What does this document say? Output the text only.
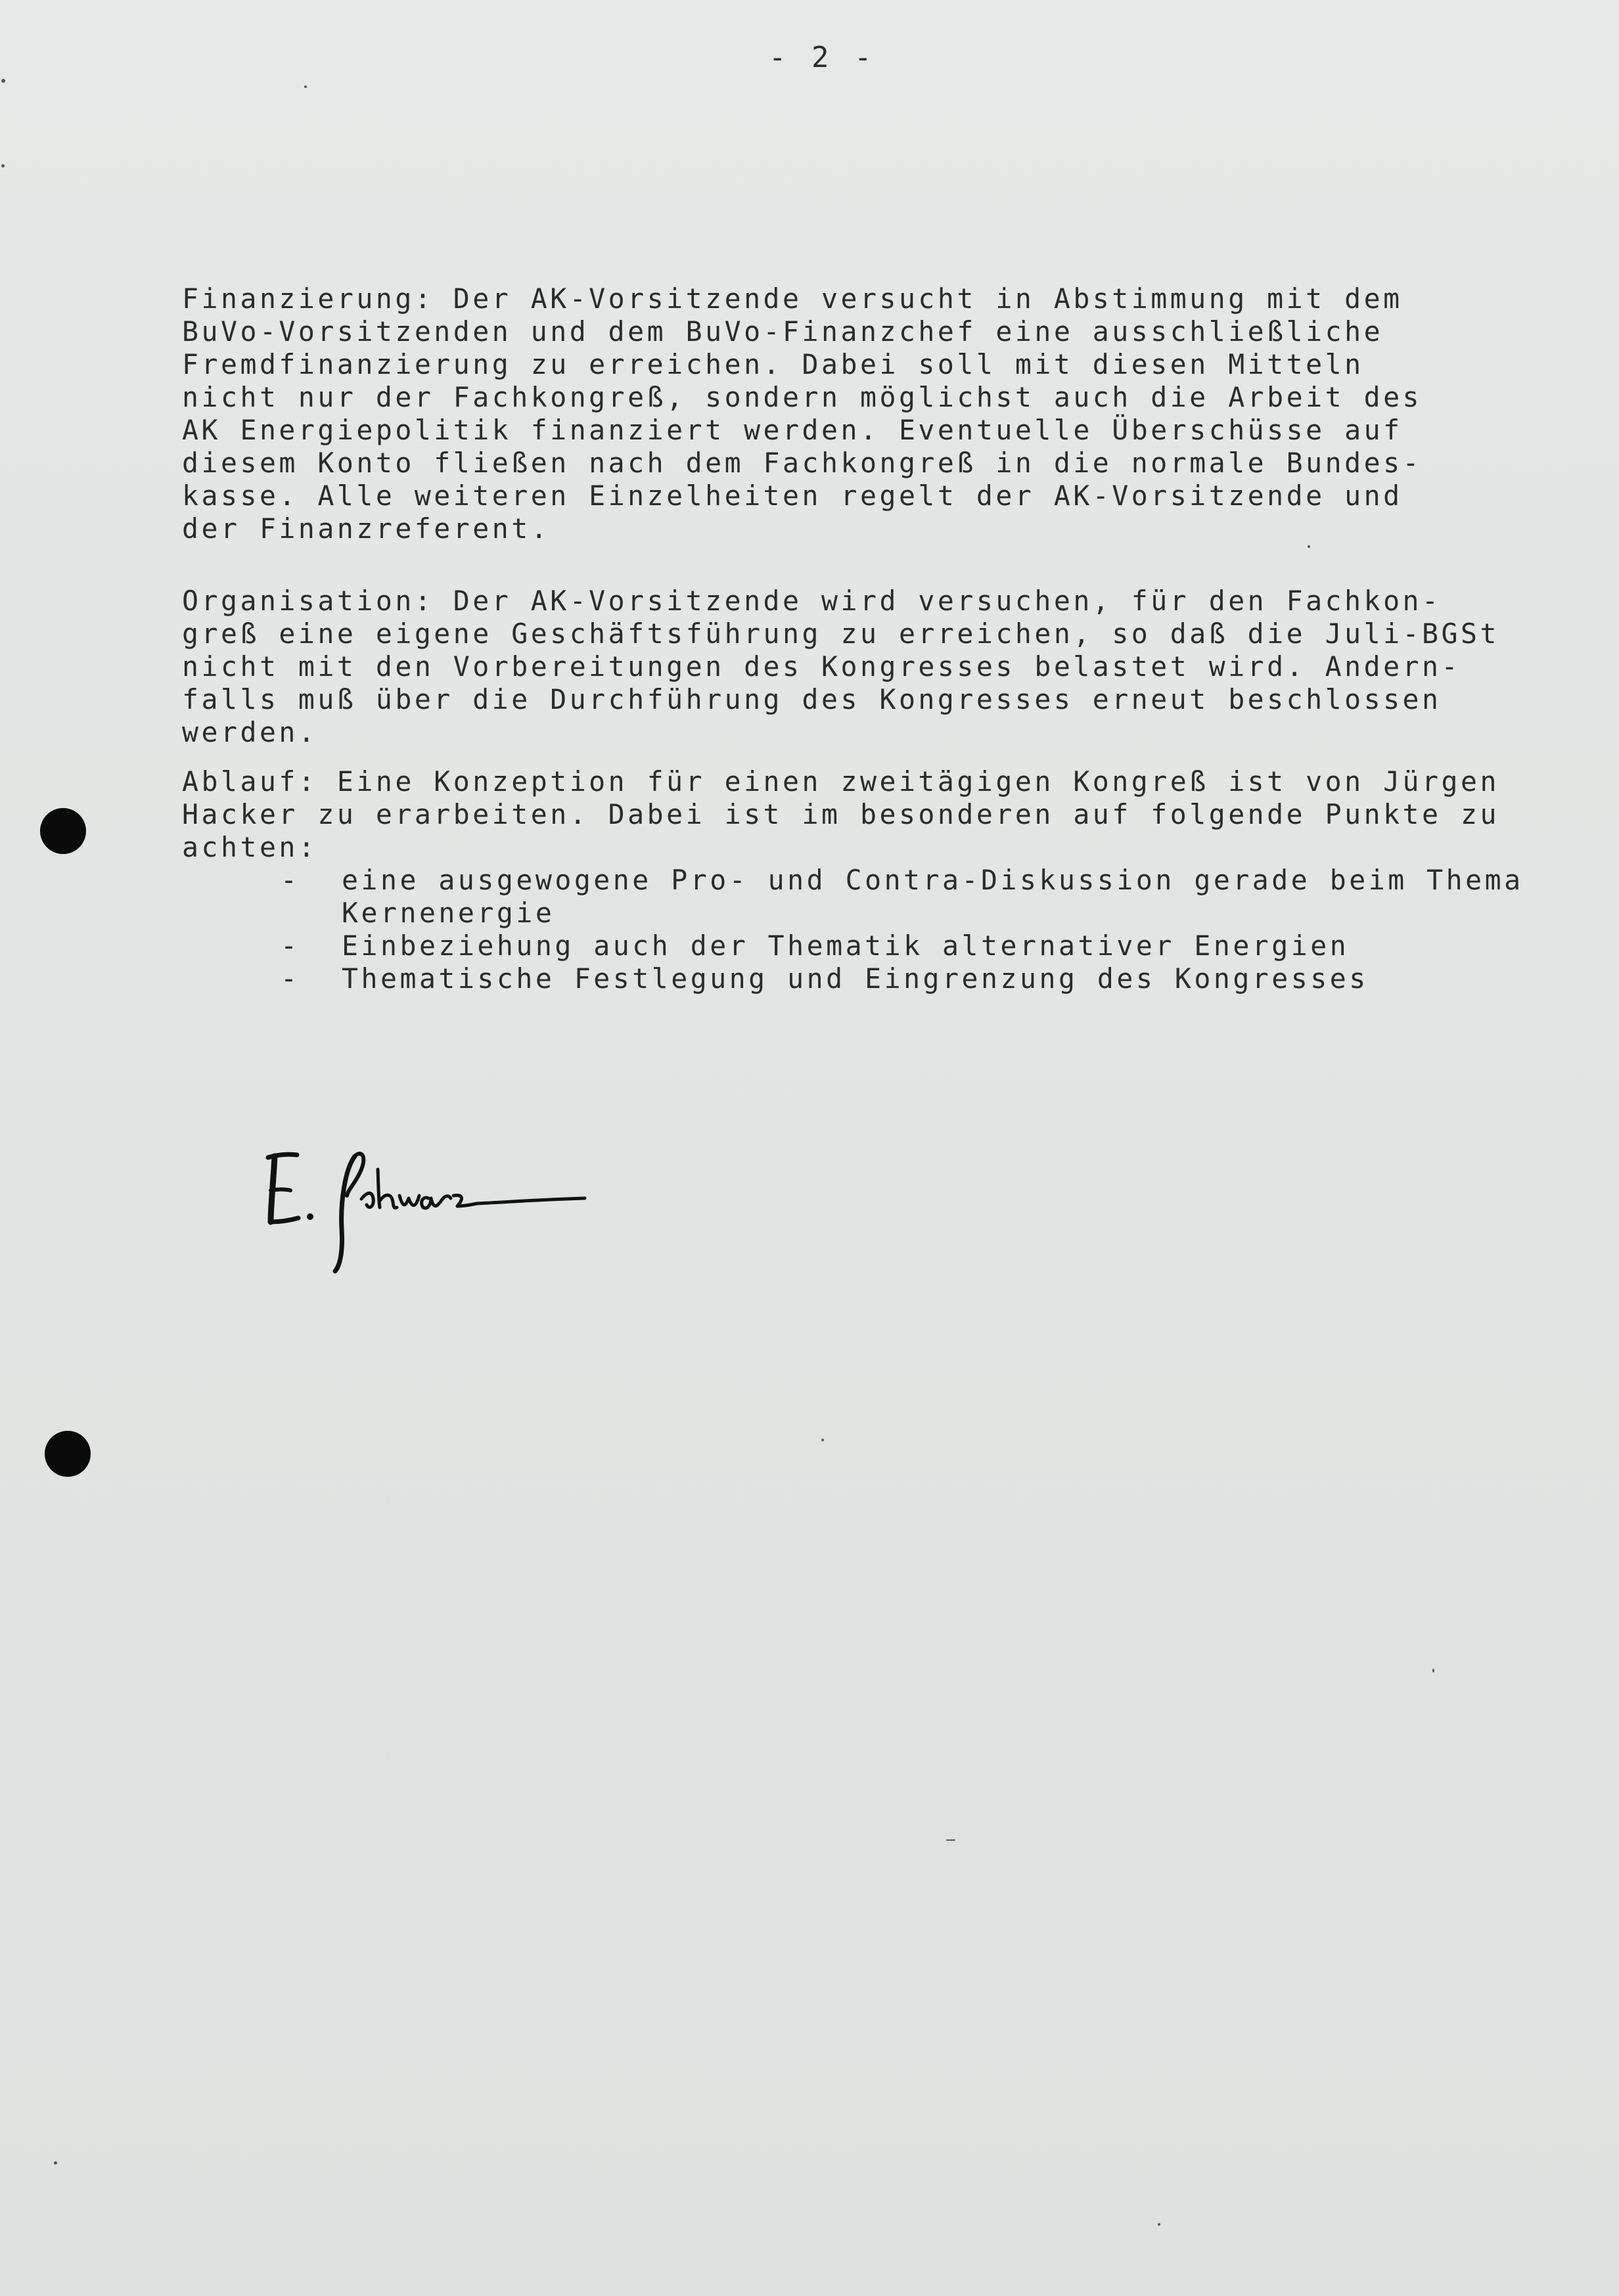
- 2 -
Finanzierung: Der AK-Vorsitzende versucht in Abstimmung mit dem
BuVo-Vorsitzenden und dem BuVo-Finanzchef eine ausschließliche
Fremdfinanzierung zu erreichen. Dabei soll mit diesen Mitteln
nicht nur der Fachkongreß, sondern möglichst auch die Arbeit des
AK Energiepolitik finanziert werden. Eventuelle Überschüsse auf
diesem Konto fließen nach dem Fachkongreß in die normale Bundes-
kasse. Alle weiteren Einzelheiten regelt der AK-Vorsitzende und
der Finanzreferent.
Organisation: Der AK-Vorsitzende wird versuchen, für den Fachkon-
greß eine eigene Geschäftsführung zu erreichen, so daß die Juli-BGSt
nicht mit den Vorbereitungen des Kongresses belastet wird. Andern-
falls muß über die Durchführung des Kongresses erneut beschlossen
werden.
Ablauf: Eine Konzeption für einen zweitägigen Kongreß ist von Jürgen
Hacker zu erarbeiten. Dabei ist im besonderen auf folgende Punkte zu
achten:
- eine ausgewogene Pro- und Contra-Diskussion gerade beim Thema
Kernenergie
- Einbeziehung auch der Thematik alternativer Energien
- Thematische Festlegung und Eingrenzung des Kongresses
